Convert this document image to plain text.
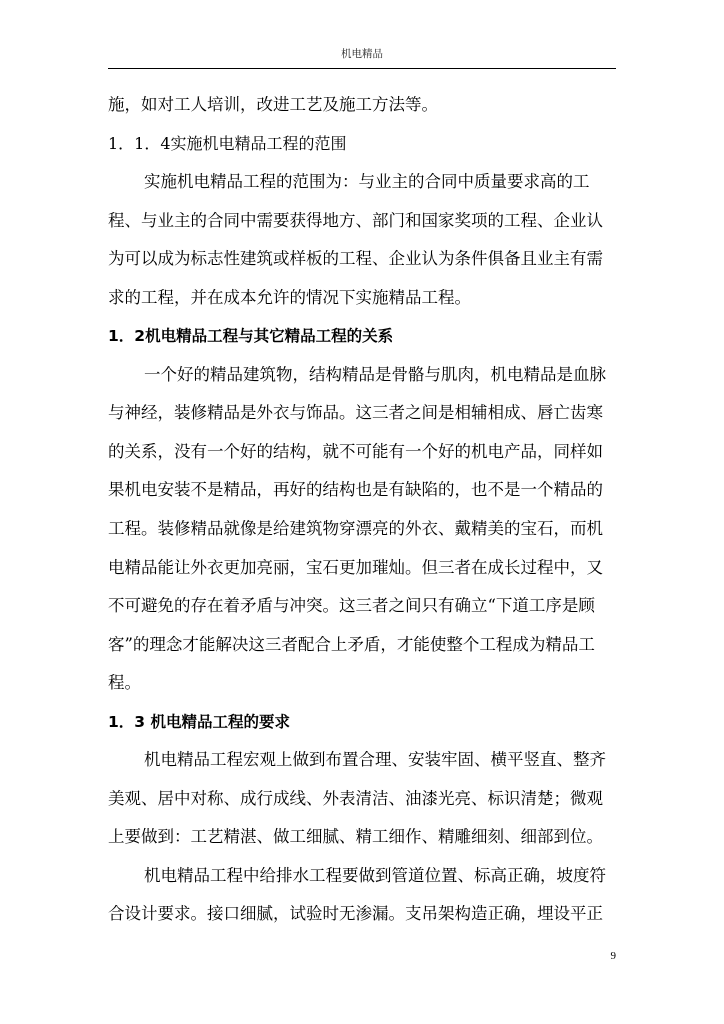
机电精品
施，如对工人培训，改进工艺及施工方法等。
1．1．4实施机电精品工程的范围
实施机电精品工程的范围为：与业主的合同中质量要求高的工
程、与业主的合同中需要获得地方、部门和国家奖项的工程、企业认
为可以成为标志性建筑或样板的工程、企业认为条件俱备且业主有需
求的工程，并在成本允许的情况下实施精品工程。
1．2机电精品工程与其它精品工程的关系
一个好的精品建筑物，结构精品是骨骼与肌肉，机电精品是血脉
与神经，装修精品是外衣与饰品。这三者之间是相辅相成、唇亡齿寒
的关系，没有一个好的结构，就不可能有一个好的机电产品，同样如
果机电安装不是精品，再好的结构也是有缺陷的，也不是一个精品的
工程。装修精品就像是给建筑物穿漂亮的外衣、戴精美的宝石，而机
电精品能让外衣更加亮丽，宝石更加璀灿。但三者在成长过程中，又
不可避免的存在着矛盾与冲突。这三者之间只有确立“下道工序是顾
客”的理念才能解决这三者配合上矛盾，才能使整个工程成为精品工
程。
1．3 机电精品工程的要求
机电精品工程宏观上做到布置合理、安装牢固、横平竖直、整齐
美观、居中对称、成行成线、外表清洁、油漆光亮、标识清楚；微观
上要做到：工艺精湛、做工细腻、精工细作、精雕细刻、细部到位。
机电精品工程中给排水工程要做到管道位置、标高正确，坡度符
合设计要求。接口细腻，试验时无渗漏。支吊架构造正确，埋设平正
9
